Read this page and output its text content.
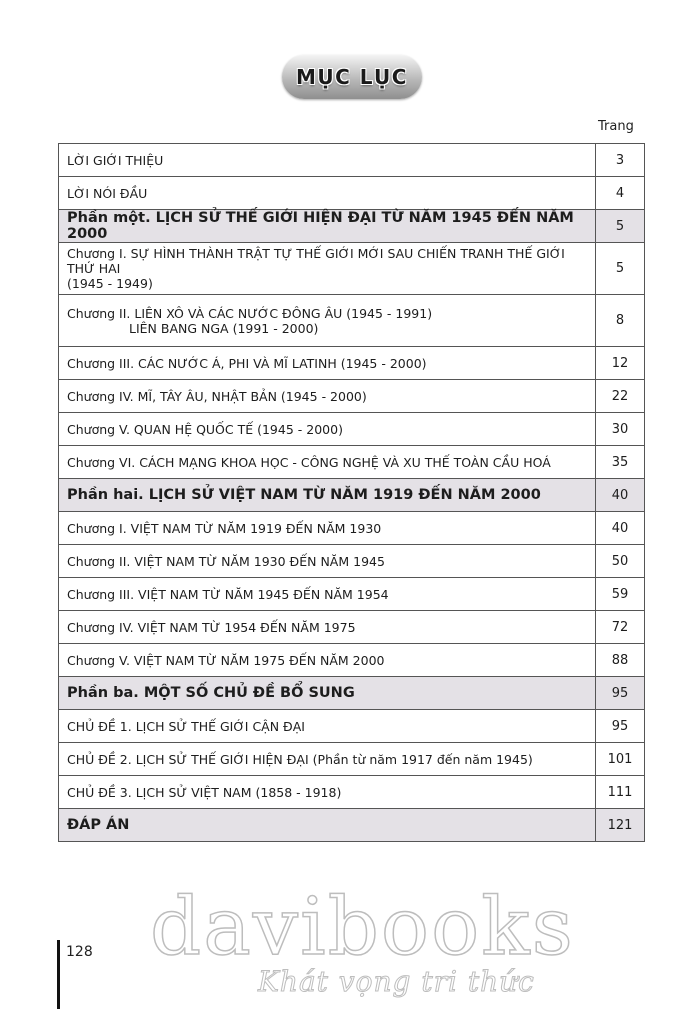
MỤC LỤC
Trang
LỜI GIỚI THIỆU	3
LỜI NÓI ĐẦU	4
Phần một. LỊCH SỬ THẾ GIỚI HIỆN ĐẠI TỪ NĂM 1945 ĐẾN NĂM 2000	5

Chương I. SỰ HÌNH THÀNH TRẬT TỰ THẾ GIỚI MỚI SAU CHIẾN TRANH THẾ GIỚI THỨ HAI
(1945 - 1949)	5

Chương II. LIÊN XÔ VÀ CÁC NƯỚC ĐÔNG ÂU (1945 - 1991)
LIÊN BANG NGA (1991 - 2000)	8
Chương III. CÁC NƯỚC Á, PHI VÀ MĨ LATINH (1945 - 2000)	12
Chương IV. MĨ, TÂY ÂU, NHẬT BẢN (1945 - 2000)	22
Chương V. QUAN HỆ QUỐC TẾ (1945 - 2000)	30
Chương VI. CÁCH MẠNG KHOA HỌC - CÔNG NGHỆ VÀ XU THẾ TOÀN CẦU HOÁ	35
Phần hai. LỊCH SỬ VIỆT NAM TỪ NĂM 1919 ĐẾN NĂM 2000	40
Chương I. VIỆT NAM TỪ NĂM 1919 ĐẾN NĂM 1930	40
Chương II. VIỆT NAM TỪ NĂM 1930 ĐẾN NĂM 1945	50
Chương III. VIỆT NAM TỪ NĂM 1945 ĐẾN NĂM 1954	59
Chương IV. VIỆT NAM TỪ 1954 ĐẾN NĂM 1975	72
Chương V. VIỆT NAM TỪ NĂM 1975 ĐẾN NĂM 2000	88
Phần ba. MỘT SỐ CHỦ ĐỀ BỔ SUNG	95
CHỦ ĐỀ 1. LỊCH SỬ THẾ GIỚI CẬN ĐẠI	95
CHỦ ĐỀ 2. LỊCH SỬ THẾ GIỚI HIỆN ĐẠI (Phần từ năm 1917 đến năm 1945)	101
CHỦ ĐỀ 3. LỊCH SỬ VIỆT NAM (1858 - 1918)	111
ĐÁP ÁN	121
128 davibooks
Khát vọng tri thức
